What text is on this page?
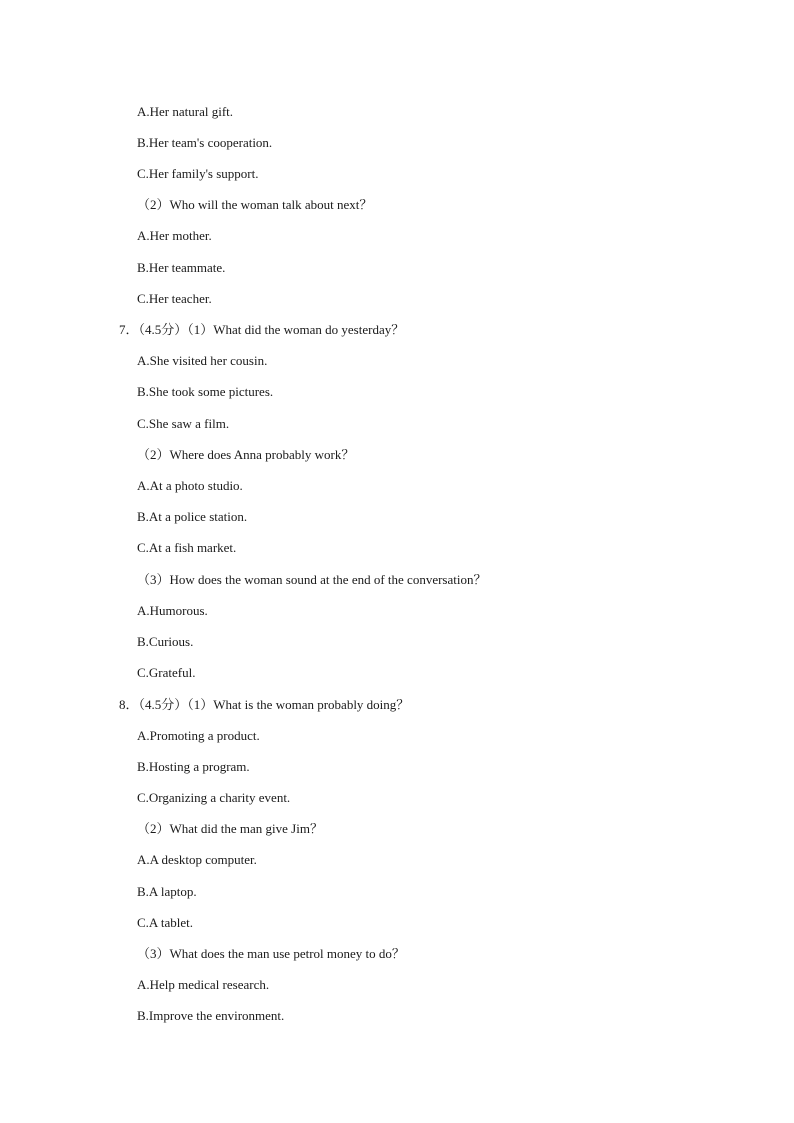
A.Her natural gift.
B.Her team's cooperation.
C.Her family's support.
（2）Who will the woman talk about next？
A.Her mother.
B.Her teammate.
C.Her teacher.
7．（4.5分）（1）What did the woman do yesterday？
A.She visited her cousin.
B.She took some pictures.
C.She saw a film.
（2）Where does Anna probably work？
A.At a photo studio.
B.At a police station.
C.At a fish market.
（3）How does the woman sound at the end of the conversation？
A.Humorous.
B.Curious.
C.Grateful.
8．（4.5分）（1）What is the woman probably doing？
A.Promoting a product.
B.Hosting a program.
C.Organizing a charity event.
（2）What did the man give Jim？
A.A desktop computer.
B.A laptop.
C.A tablet.
（3）What does the man use petrol money to do？
A.Help medical research.
B.Improve the environment.
